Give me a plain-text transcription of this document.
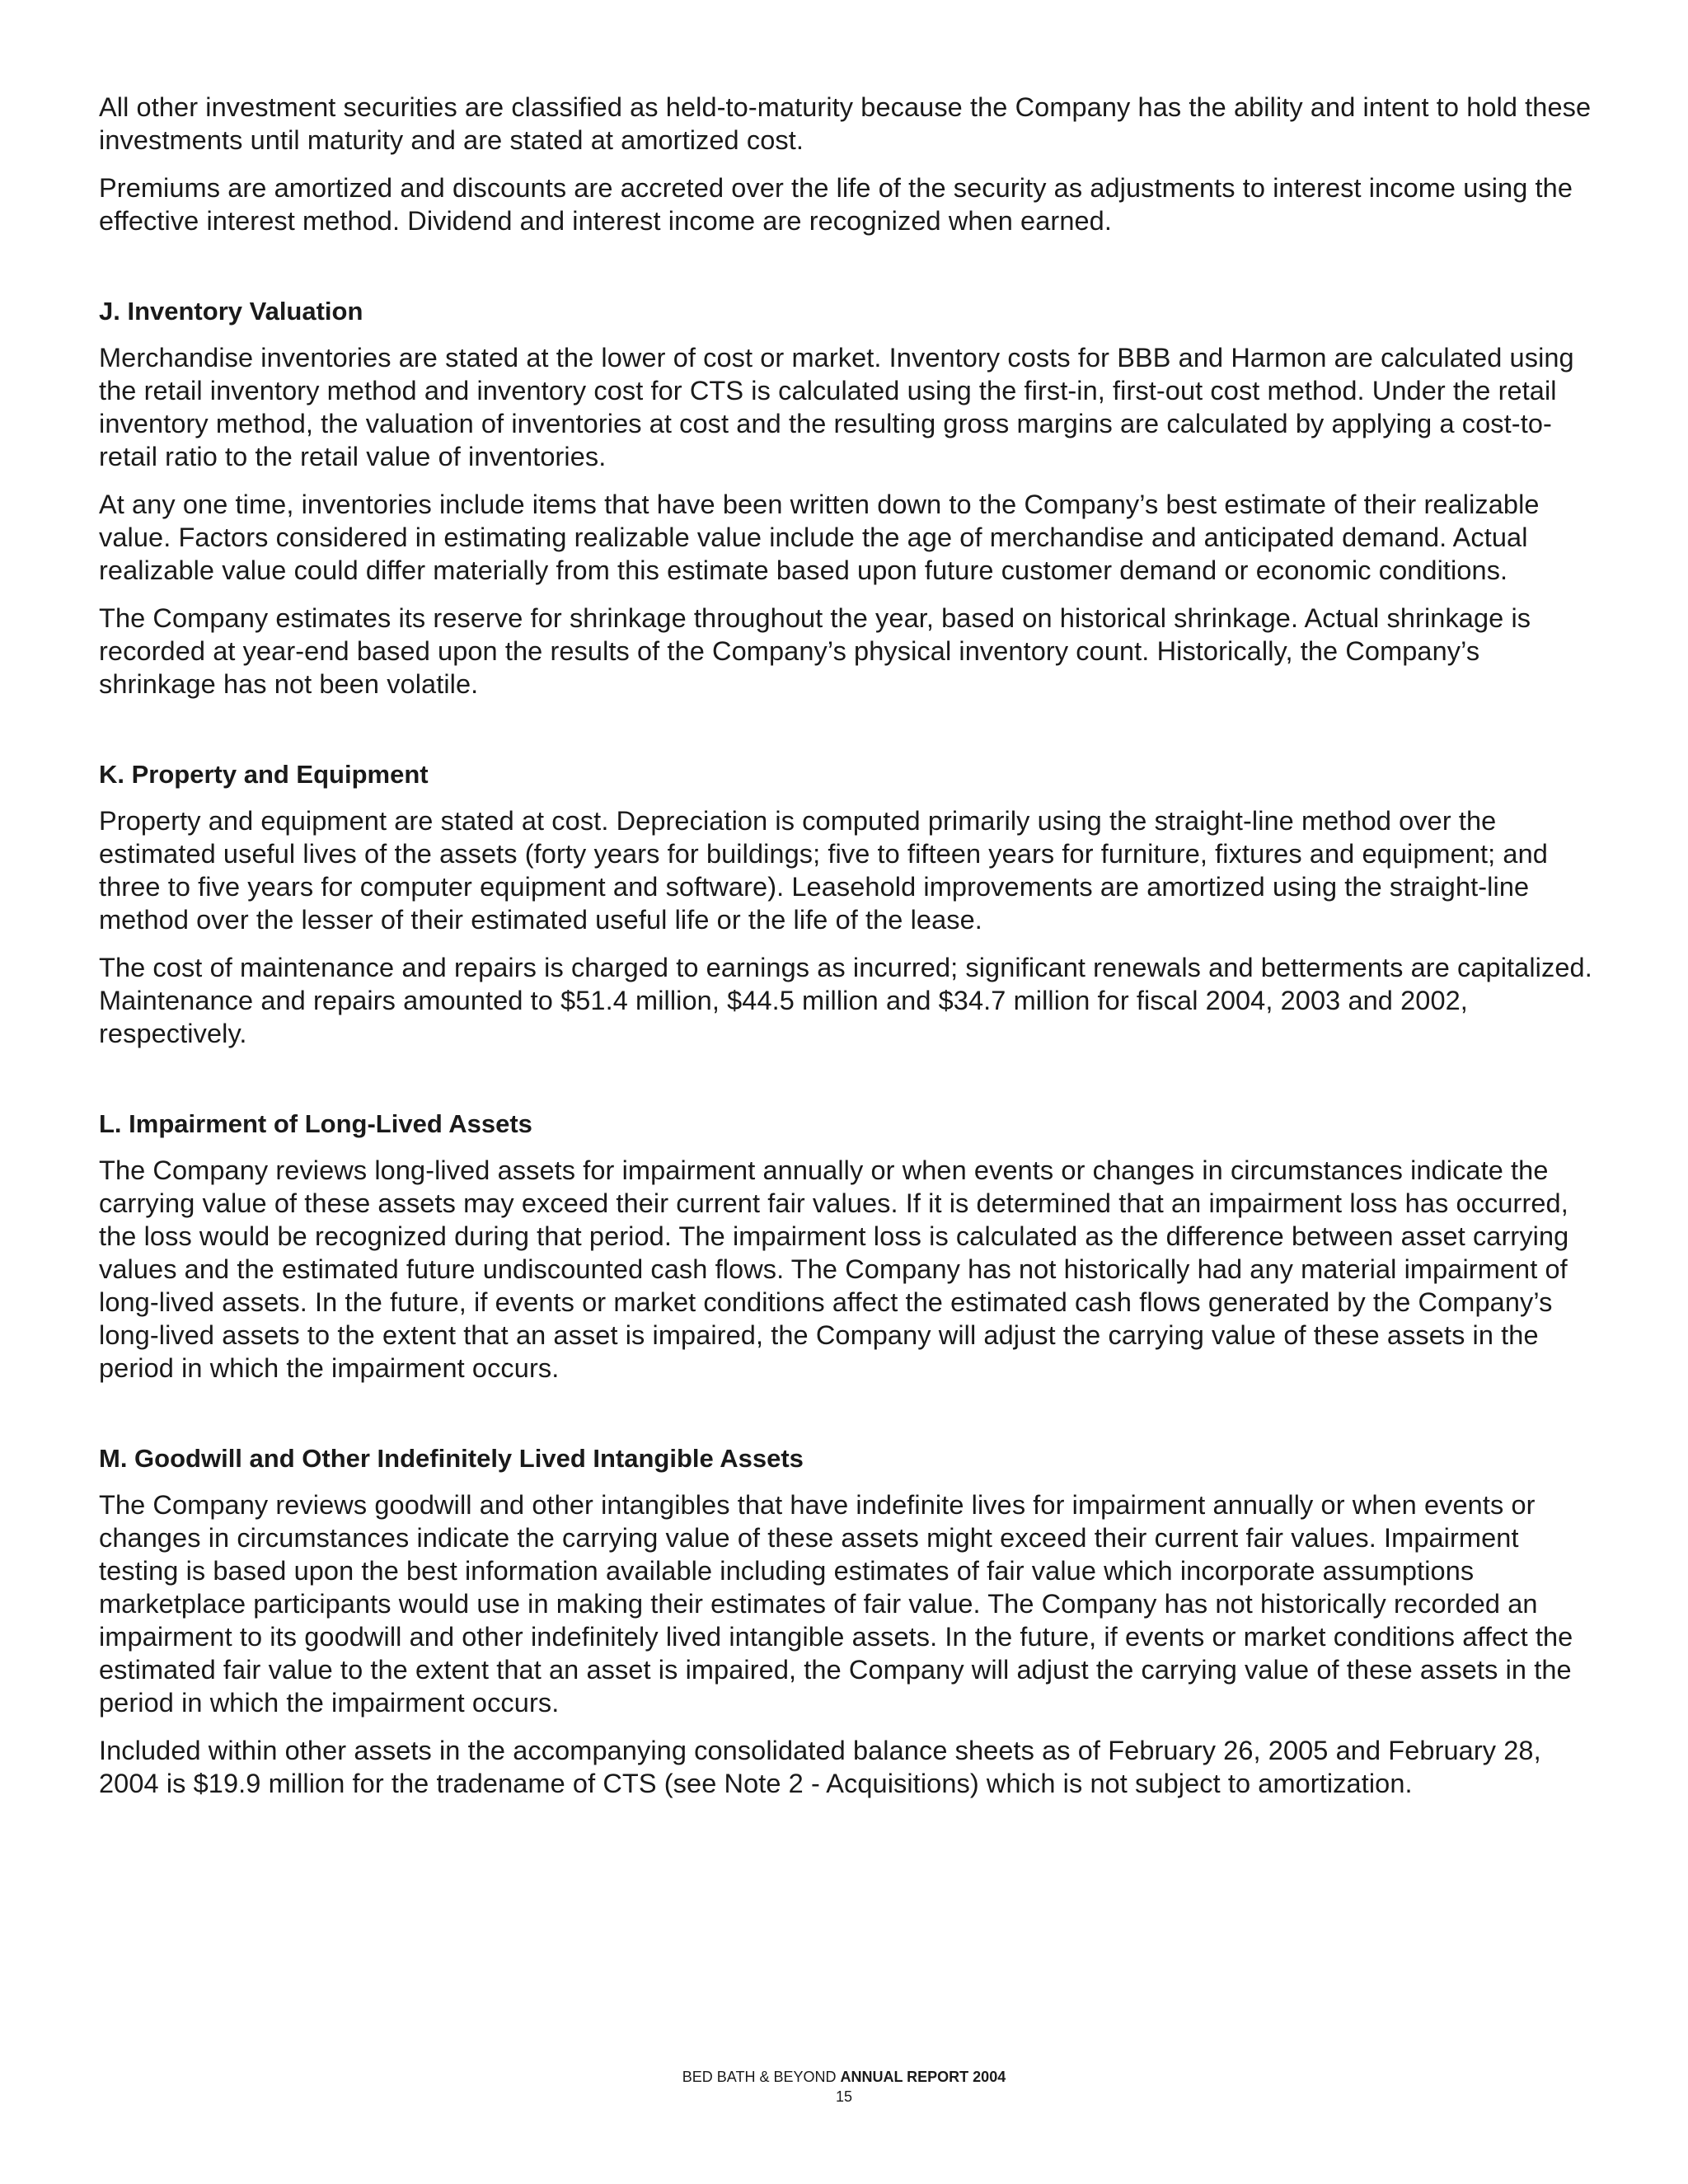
All other investment securities are classified as held-to-maturity because the Company has the ability and intent to hold these investments until maturity and are stated at amortized cost.

Premiums are amortized and discounts are accreted over the life of the security as adjustments to interest income using the effective interest method. Dividend and interest income are recognized when earned.

J. Inventory Valuation

Merchandise inventories are stated at the lower of cost or market. Inventory costs for BBB and Harmon are calculated using the retail inventory method and inventory cost for CTS is calculated using the first-in, first-out cost method. Under the retail inventory method, the valuation of inventories at cost and the resulting gross margins are calculated by applying a cost-to-retail ratio to the retail value of inventories.

At any one time, inventories include items that have been written down to the Company’s best estimate of their realizable value. Factors considered in estimating realizable value include the age of merchandise and anticipated demand. Actual realizable value could differ materially from this estimate based upon future customer demand or economic conditions.

The Company estimates its reserve for shrinkage throughout the year, based on historical shrinkage. Actual shrinkage is recorded at year-end based upon the results of the Company’s physical inventory count. Historically, the Company’s shrinkage has not been volatile.

K. Property and Equipment

Property and equipment are stated at cost. Depreciation is computed primarily using the straight-line method over the estimated useful lives of the assets (forty years for buildings; five to fifteen years for furniture, fixtures and equipment; and three to five years for computer equipment and software). Leasehold improvements are amortized using the straight-line method over the lesser of their estimated useful life or the life of the lease.

The cost of maintenance and repairs is charged to earnings as incurred; significant renewals and betterments are capitalized. Maintenance and repairs amounted to $51.4 million, $44.5 million and $34.7 million for fiscal 2004, 2003 and 2002, respectively.

L. Impairment of Long-Lived Assets

The Company reviews long-lived assets for impairment annually or when events or changes in circumstances indicate the carrying value of these assets may exceed their current fair values. If it is determined that an impairment loss has occurred, the loss would be recognized during that period. The impairment loss is calculated as the difference between asset carrying values and the estimated future undiscounted cash flows. The Company has not historically had any material impairment of long-lived assets. In the future, if events or market conditions affect the estimated cash flows generated by the Company’s long-lived assets to the extent that an asset is impaired, the Company will adjust the carrying value of these assets in the period in which the impairment occurs.

M. Goodwill and Other Indefinitely Lived Intangible Assets

The Company reviews goodwill and other intangibles that have indefinite lives for impairment annually or when events or changes in circumstances indicate the carrying value of these assets might exceed their current fair values. Impairment testing is based upon the best information available including estimates of fair value which incorporate assumptions marketplace participants would use in making their estimates of fair value. The Company has not historically recorded an impairment to its goodwill and other indefinitely lived intangible assets. In the future, if events or market conditions affect the estimated fair value to the extent that an asset is impaired, the Company will adjust the carrying value of these assets in the period in which the impairment occurs.

Included within other assets in the accompanying consolidated balance sheets as of February 26, 2005 and February 28, 2004 is $19.9 million for the tradename of CTS (see Note 2 - Acquisitions) which is not subject to amortization.

BED BATH & BEYOND ANNUAL REPORT 2004
15
